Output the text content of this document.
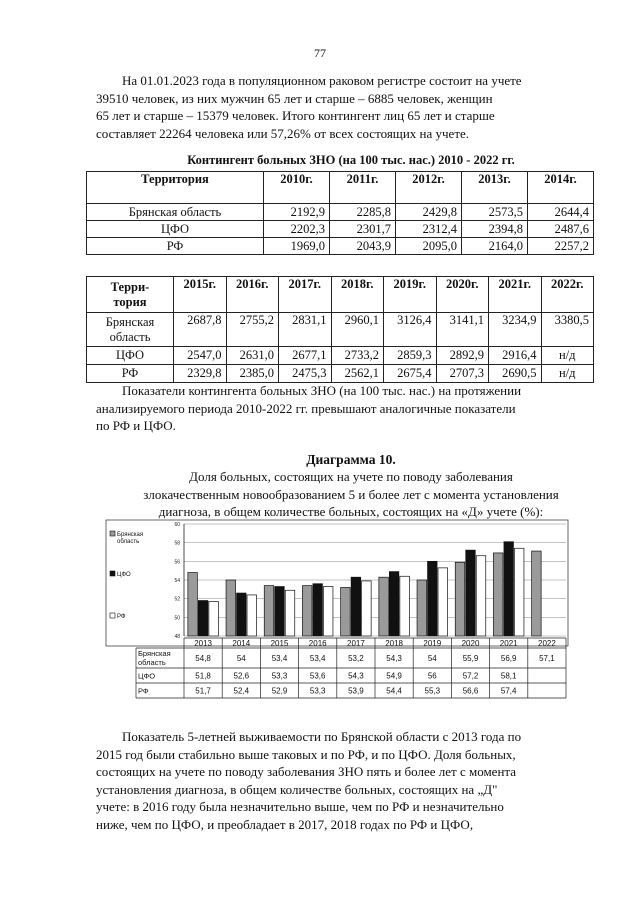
77

На 01.01.2023 года в популяционном раковом регистре состоит на учете

39510 человек, из них мужчин 65 лет и старше – 6885 человек, женщин

65 лет и старше – 15379 человек. Итого контингент лиц 65 лет и старше

составляет 22264 человека или 57,26% от всех состоящих на учете.

Контингент больных ЗНО (на 100 тыс. нас.) 2010 - 2022 гг.
Территория	2010г.	2011г.	2012г.	2013г.	2014г.
Брянская область	2192,9	2285,8	2429,8	2573,5	2644,4
ЦФО	2202,3	2301,7	2312,4	2394,8	2487,6
РФ	1969,0	2043,9	2095,0	2164,0	2257,2
Терри-
тория	2015г.	2016г.	2017г.	2018г.	2019г.	2020г.	2021г.	2022г.
Брянская
область	2687,8	2755,2	2831,1	2960,1	3126,4	3141,1	3234,9	3380,5
ЦФО	2547,0	2631,0	2677,1	2733,2	2859,3	2892,9	2916,4	н/д
РФ	2329,8	2385,0	2475,3	2562,1	2675,4	2707,3	2690,5	н/д

Показатели контингента больных ЗНО (на 100 тыс. нас.) на протяжении

анализируемого периода 2010-2022 гг. превышают аналогичные показатели

по РФ и ЦФО.

Диаграмма 10.
Доля больных, состоящих на учете по поводу заболевания
злокачественным новообразованием 5 и более лет с момента установления
диагноза, в общем количестве больных, состоящих на «Д» учете (%):
48
50
52
54
56
58
60
Брянская
область
ЦФО
РФ
2013	2014	2015	2016	2017	2018	2019	2020	2021	2022
Брянская
область	54,8	54	53,4	53,4	53,2	54,3	54	55,9	56,9	57,1
ЦФО	51,8	52,6	53,3	53,6	54,3	54,9	56	57,2	58,1
РФ	51,7	52,4	52,9	53,3	53,9	54,4	55,3	56,6	57,4

Показатель 5-летней выживаемости по Брянской области с 2013 года по

2015 год были стабильно выше таковых и по РФ, и по ЦФО. Доля больных,

состоящих на учете по поводу заболевания ЗНО пять и более лет с момента

установления диагноза, в общем количестве больных, состоящих на „Д"

учете: в 2016 году была незначительно выше, чем по РФ и незначительно

ниже, чем по ЦФО, и преобладает в 2017, 2018 годах по РФ и ЦФО,
